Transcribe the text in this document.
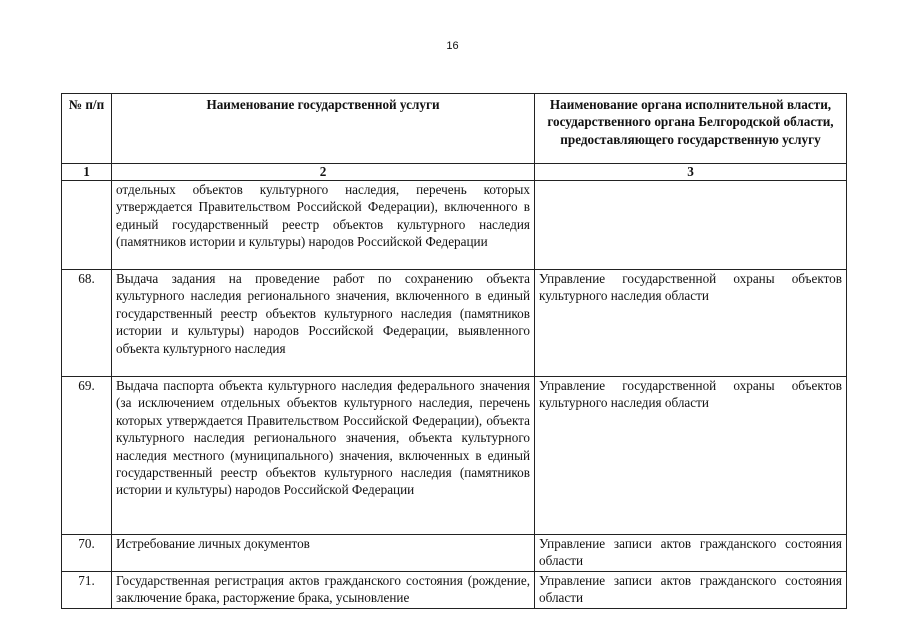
16
№ п/п	Наименование государственной услуги	Наименование органа исполнительной власти, государственного органа Белгородской области, предоставляющего государственную услугу
1	2	3
	отдельных объектов культурного наследия, перечень которых утверждается Правительством Российской Федерации), включенного в единый государственный реестр объектов культурного наследия (памятников истории и культуры) народов Российской Федерации	
68.	Выдача задания на проведение работ по сохранению объекта культурного наследия регионального значения, включенного в единый государственный реестр объектов культурного наследия (памятников истории и культуры) народов Российской Федерации, выявленного объекта культурного наследия	Управление государственной охраны объектов культурного наследия области
69.	Выдача паспорта объекта культурного наследия федерального значения (за исключением отдельных объектов культурного наследия, перечень которых утверждается Правительством Российской Федерации), объекта культурного наследия регионального значения, объекта культурного наследия местного (муниципального) значения, включенных в единый государственный реестр объектов культурного наследия (памятников истории и культуры) народов Российской Федерации	Управление государственной охраны объектов культурного наследия области
70.	Истребование личных документов	Управление записи актов гражданского состояния области
71.	Государственная регистрация актов гражданского состояния (рождение, заключение брака, расторжение брака, усыновление	Управление записи актов гражданского состояния области
